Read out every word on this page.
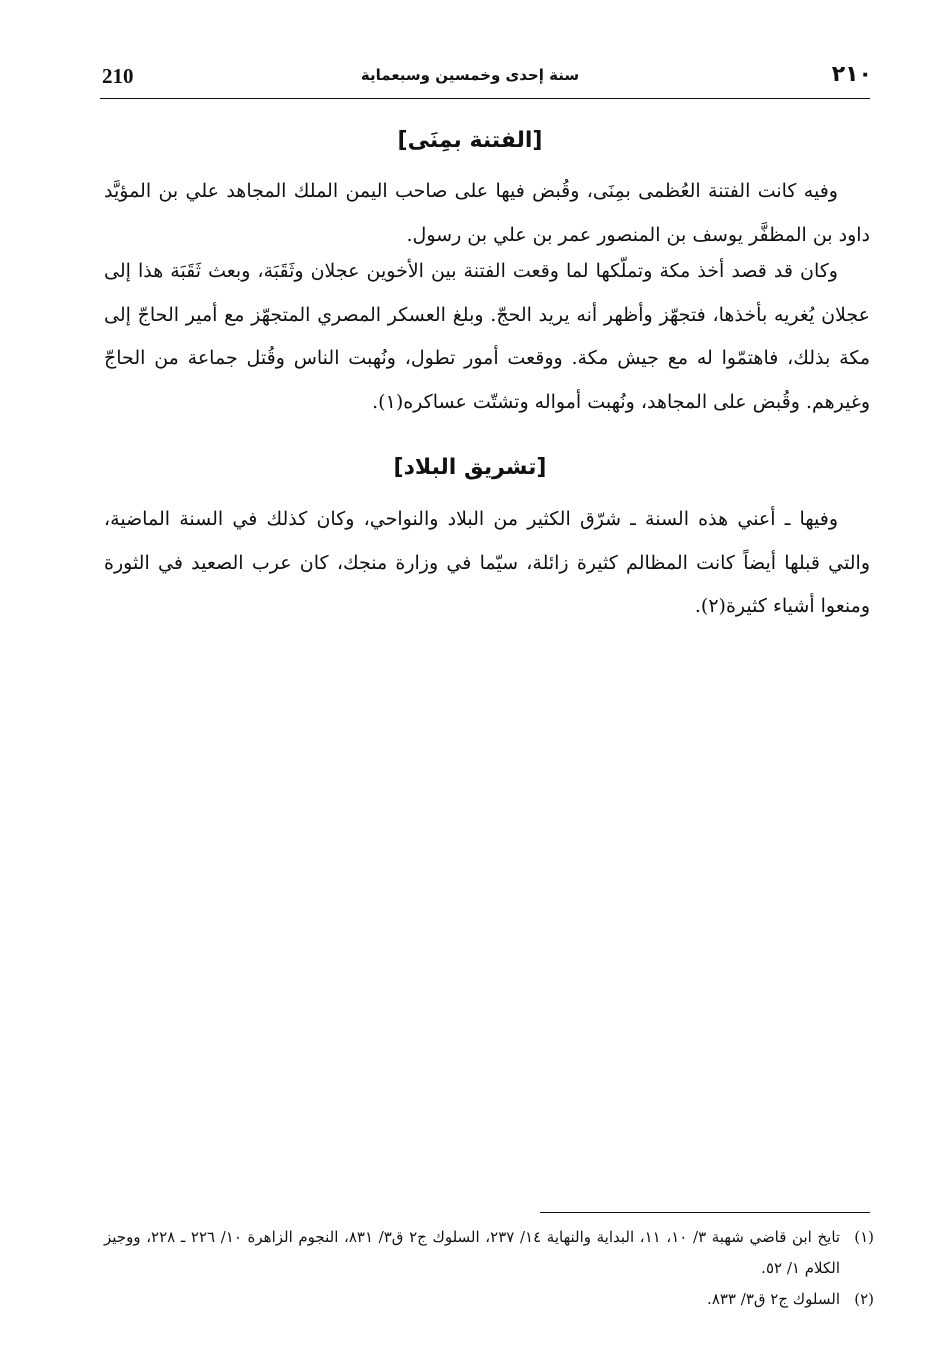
٢١٠
سنة إحدى وخمسين وسبعماية
210
[الفتنة بمِنَى]
وفيه كانت الفتنة العُظمى بمِنَى، وقُبض فيها على صاحب اليمن الملك المجاهد علي بن المؤيَّد داود بن المظفَّر يوسف بن المنصور عمر بن علي بن رسول.
وكان قد قصد أخذ مكة وتملّكها لما وقعت الفتنة بين الأخوين عجلان وثَقَبَة، وبعث ثَقَبَة هذا إلى عجلان يُغريه بأخذها، فتجهّز وأظهر أنه يريد الحجّ. وبلغ العسكر المصري المتجهّز مع أمير الحاجّ إلى مكة بذلك، فاهتمّوا له مع جيش مكة. ووقعت أمور تطول، ونُهبت الناس وقُتل جماعة من الحاجّ وغيرهم. وقُبض على المجاهد، ونُهبت أمواله وتشتّت عساكره(١).
[تشريق البلاد]
وفيها ـ أعني هذه السنة ـ شرّق الكثير من البلاد والنواحي، وكان كذلك في السنة الماضية، والتي قبلها أيضاً كانت المظالم كثيرة زائلة، سيّما في وزارة منجك، كان عرب الصعيد في الثورة ومنعوا أشياء كثيرة(٢).
(١)
تايخ ابن قاضي شهبة ٣/ ١٠، ١١، البداية والنهاية ١٤/ ٢٣٧، السلوك ج٢ ق٣/ ٨٣١، النجوم الزاهرة ١٠/ ٢٢٦ ـ ٢٢٨، ووجيز الكلام ١/ ٥٢.
(٢)
السلوك ج٢ ق٣/ ٨٣٣.
